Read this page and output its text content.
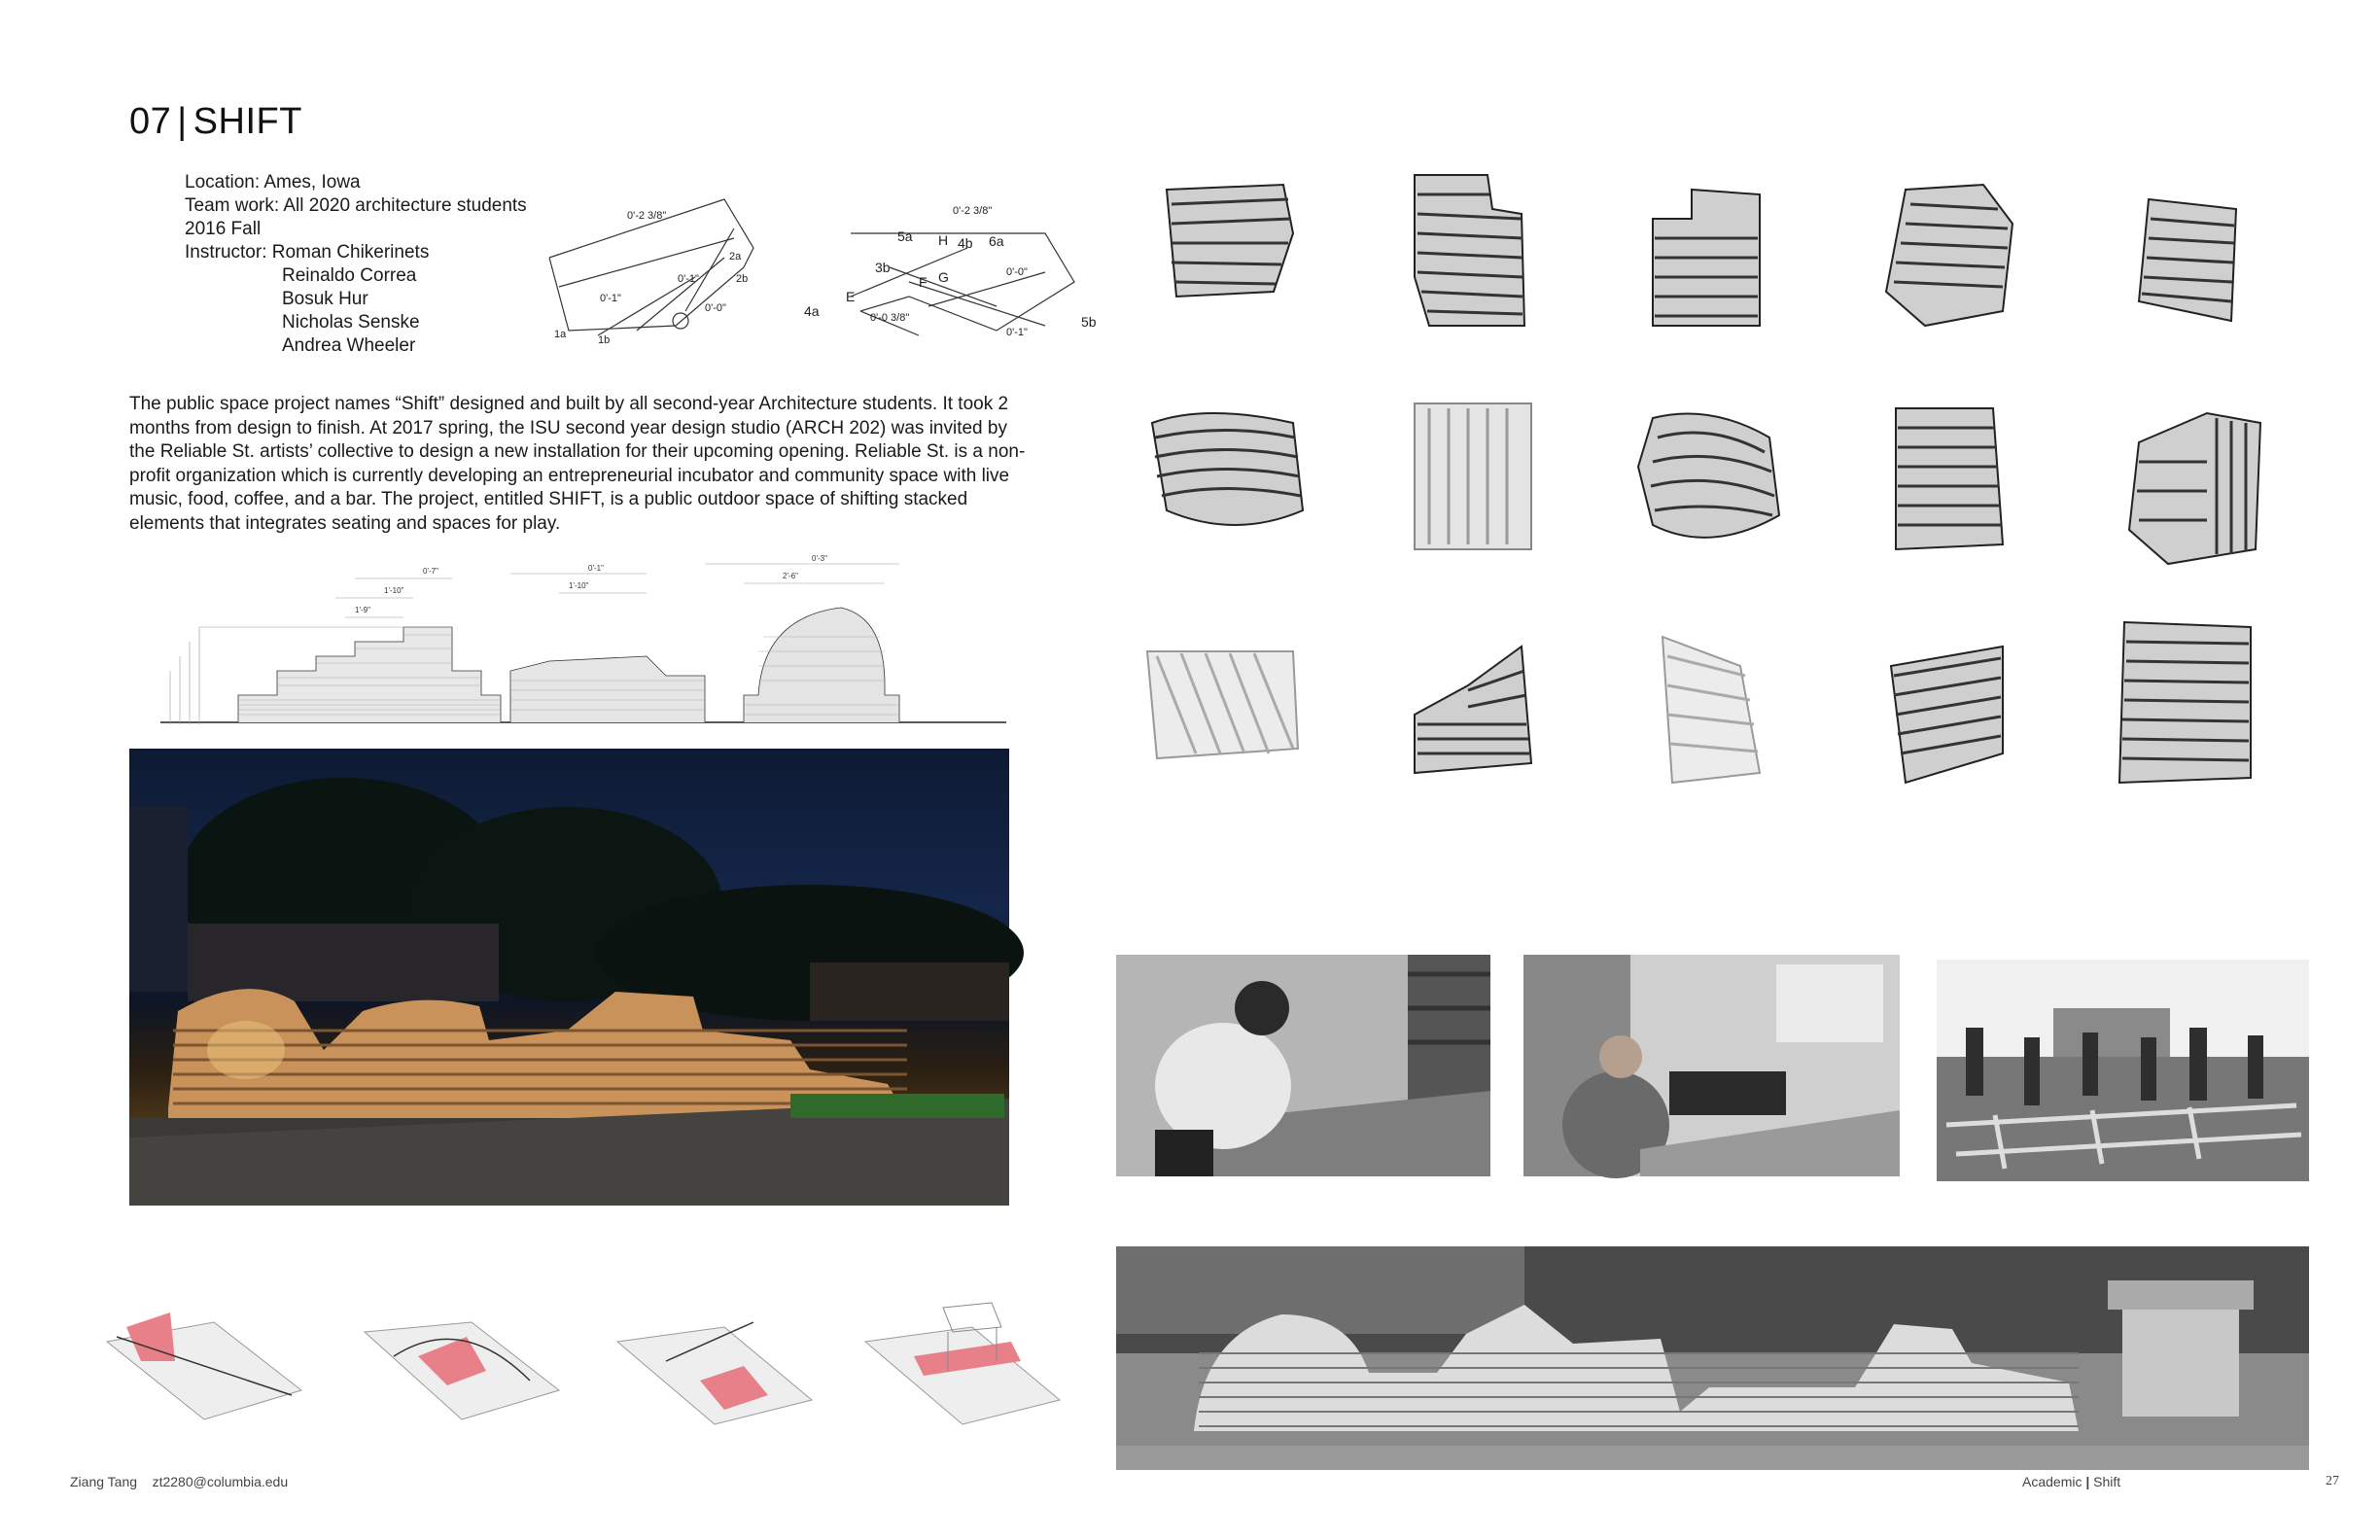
07 | SHIFT
Location: Ames, Iowa
Team work: All 2020 architecture students
2016 Fall
Instructor: Roman Chikerinets
Reinaldo Correa
Bosuk Hur
Nicholas Senske
Andrea Wheeler
0'-2 3/8"
0'-1"
0'-1"
0'-0"
1a	1b
2a
2b
0'-2 3/8"
5a H 4b 6a
3b
F G	0'-0"
4a
E
0'-0 3/8"
0'-1"
5b
The public space project names “Shift” designed and built by all second-year Architecture students. It took 2 months from design to finish. At 2017 spring, the ISU second year design studio (ARCH 202) was invited by the Reliable St. artists’ collective to design a new installation for their upcoming opening. Reliable St. is a non-profit organization which is currently developing an entrepreneurial incubator and community space with live music, food, coffee, and a bar. The project, entitled SHIFT, is a public outdoor space of shifting stacked elements that integrates seating and spaces for play.
1'-10"
1'-10"
2'-6"
0'-7"	0'-1"
1'-9"
0'-3"
Ziang Tang zt2280@columbia.edu	Academic | Shift	27
